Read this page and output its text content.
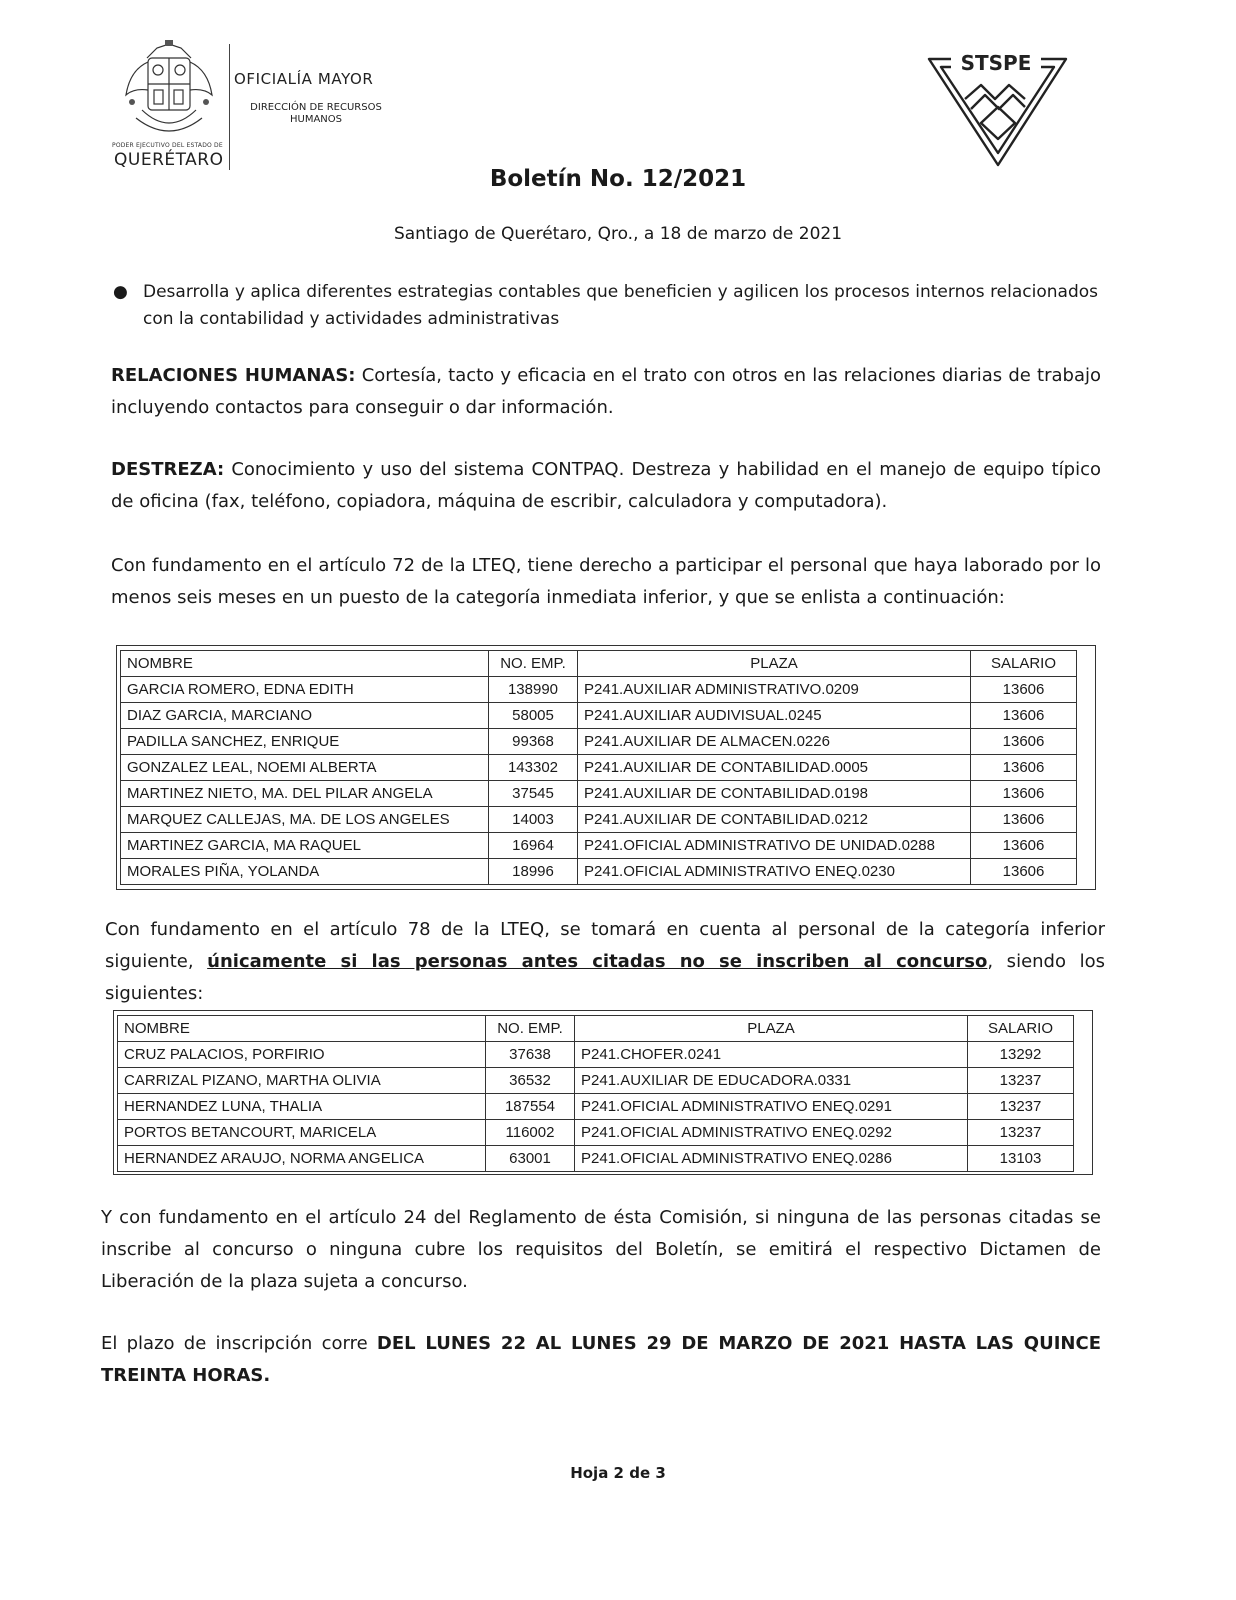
PODER EJECUTIVO DEL ESTADO DE
QUERÉTARO
OFICIALÍA MAYOR
DIRECCIÓN DE RECURSOS HUMANOS
STSPE
Boletín No. 12/2021
Santiago de Querétaro, Qro., a 18 de marzo de 2021
● Desarrolla y aplica diferentes estrategias contables que beneficien y agilicen los procesos internos relacionados con la contabilidad y actividades administrativas
RELACIONES HUMANAS: Cortesía, tacto y eficacia en el trato con otros en las relaciones diarias de trabajo incluyendo contactos para conseguir o dar información.
DESTREZA: Conocimiento y uso del sistema CONTPAQ. Destreza y habilidad en el manejo de equipo típico de oficina (fax, teléfono, copiadora, máquina de escribir, calculadora y computadora).
Con fundamento en el artículo 72 de la LTEQ, tiene derecho a participar el personal que haya laborado por lo menos seis meses en un puesto de la categoría inmediata inferior, y que se enlista a continuación:
NOMBRE	NO. EMP.	PLAZA	SALARIO
GARCIA ROMERO, EDNA EDITH	138990	P241.AUXILIAR ADMINISTRATIVO.0209	13606
DIAZ GARCIA, MARCIANO	58005	P241.AUXILIAR AUDIVISUAL.0245	13606
PADILLA SANCHEZ, ENRIQUE	99368	P241.AUXILIAR DE ALMACEN.0226	13606
GONZALEZ LEAL, NOEMI ALBERTA	143302	P241.AUXILIAR DE CONTABILIDAD.0005	13606
MARTINEZ NIETO, MA. DEL PILAR ANGELA	37545	P241.AUXILIAR DE CONTABILIDAD.0198	13606
MARQUEZ CALLEJAS, MA. DE LOS ANGELES	14003	P241.AUXILIAR DE CONTABILIDAD.0212	13606
MARTINEZ GARCIA, MA RAQUEL	16964	P241.OFICIAL ADMINISTRATIVO DE UNIDAD.0288	13606
MORALES PIÑA, YOLANDA	18996	P241.OFICIAL ADMINISTRATIVO ENEQ.0230	13606
Con fundamento en el artículo 78 de la LTEQ, se tomará en cuenta al personal de la categoría inferior siguiente, únicamente si las personas antes citadas no se inscriben al concurso, siendo los siguientes:
NOMBRE	NO. EMP.	PLAZA	SALARIO
CRUZ PALACIOS, PORFIRIO	37638	P241.CHOFER.0241	13292
CARRIZAL PIZANO, MARTHA OLIVIA	36532	P241.AUXILIAR DE EDUCADORA.0331	13237
HERNANDEZ LUNA, THALIA	187554	P241.OFICIAL ADMINISTRATIVO ENEQ.0291	13237
PORTOS BETANCOURT, MARICELA	116002	P241.OFICIAL ADMINISTRATIVO ENEQ.0292	13237
HERNANDEZ ARAUJO, NORMA ANGELICA	63001	P241.OFICIAL ADMINISTRATIVO ENEQ.0286	13103
Y con fundamento en el artículo 24 del Reglamento de ésta Comisión, si ninguna de las personas citadas se inscribe al concurso o ninguna cubre los requisitos del Boletín, se emitirá el respectivo Dictamen de Liberación de la plaza sujeta a concurso.
El plazo de inscripción corre DEL LUNES 22 AL LUNES 29 DE MARZO DE 2021 HASTA LAS QUINCE TREINTA HORAS.
Hoja 2 de 3
